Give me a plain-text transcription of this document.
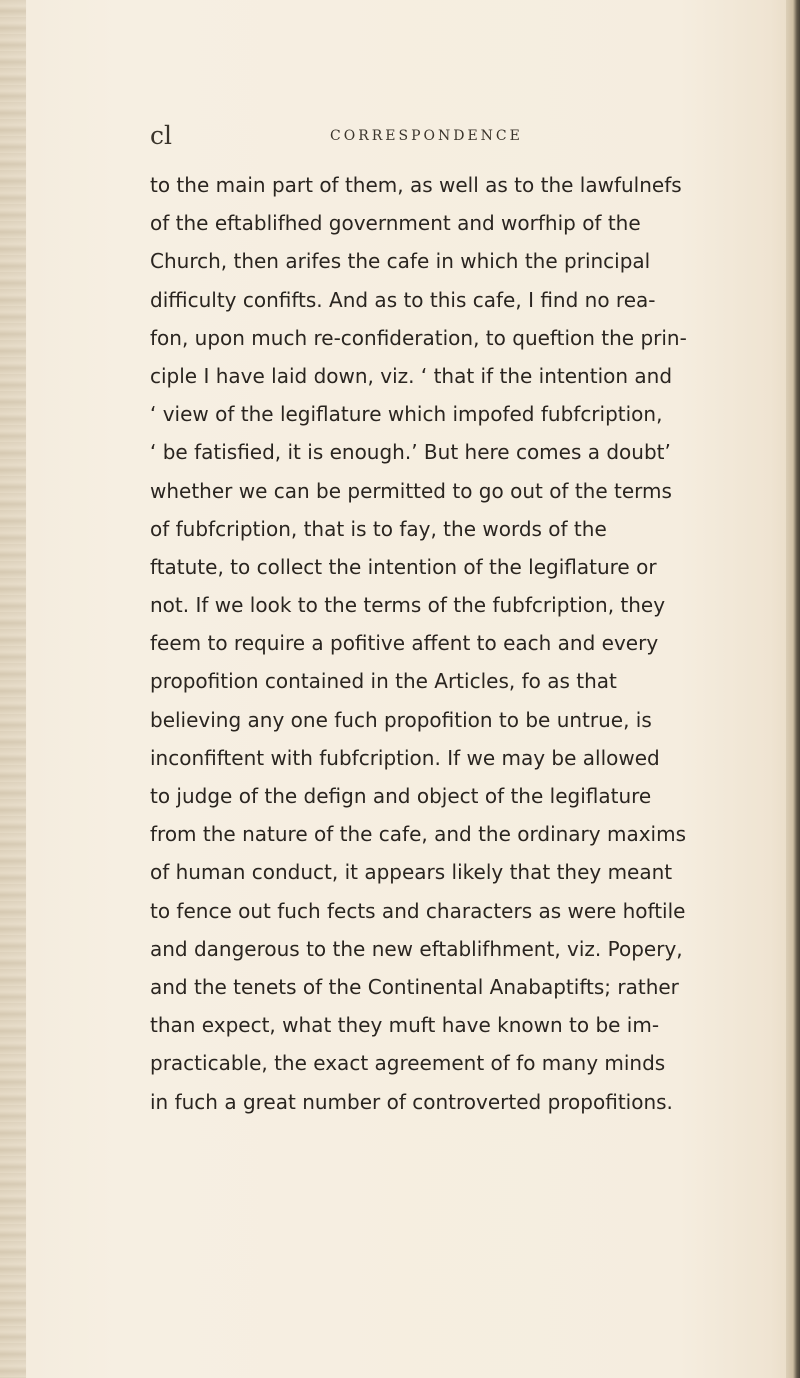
cl	CORRESPONDENCE
to the main part of them, as well as to the lawfulnefs
of the eftablifhed government and worfhip of the
Church, then arifes the cafe in which the principal
difficulty confifts. And as to this cafe, I find no rea-
fon, upon much re-confideration, to queftion the prin-
ciple I have laid down, viz. ‘ that if the intention and
‘ view of the legiflature which impofed fubfcription,
‘ be fatisfied, it is enough.’ But here comes a doubt’
whether we can be permitted to go out of the terms
of fubfcription, that is to fay, the words of the
ftatute, to collect the intention of the legiflature or
not. If we look to the terms of the fubfcription, they
feem to require a pofitive affent to each and every
propofition contained in the Articles, fo as that
believing any one fuch propofition to be untrue, is
inconfiftent with fubfcription. If we may be allowed
to judge of the defign and object of the legiflature
from the nature of the cafe, and the ordinary maxims
of human conduct, it appears likely that they meant
to fence out fuch fects and characters as were hoftile
and dangerous to the new eftablifhment, viz. Popery,
and the tenets of the Continental Anabaptifts; rather
than expect, what they muft have known to be im-
practicable, the exact agreement of fo many minds
in fuch a great number of controverted propofitions.
